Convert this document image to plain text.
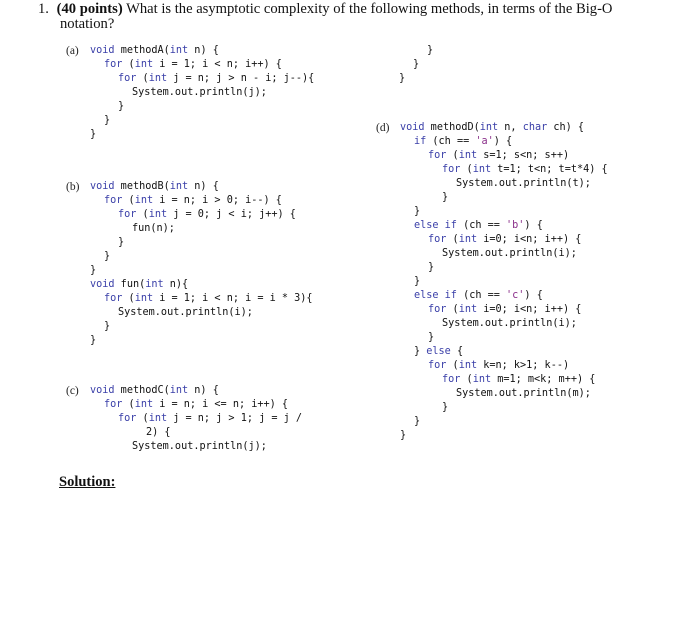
1. (40 points) What is the asymptotic complexity of the following methods, in terms of the Big-O
notation?
}
}
}
(a) void methodA(int n) {
for (int i = 1; i < n; i++) {
for (int j = n; j > n - i; j--){
System.out.println(j);
}
}
}
(b) void methodB(int n) {
for (int i = n; i > 0; i--) {
for (int j = 0; j < i; j++) {
fun(n);
}
}
}
void fun(int n){
for (int i = 1; i < n; i = i * 3){
System.out.println(i);
}
}
(c) void methodC(int n) {
for (int i = n; i <= n; i++) {
for (int j = n; j > 1; j = j /
2) {
System.out.println(j);
(d) void methodD(int n, char ch) {
if (ch == 'a') {
for (int s=1; s<n; s++)
for (int t=1; t<n; t=t*4) {
System.out.println(t);
}
}
else if (ch == 'b') {
for (int i=0; i<n; i++) {
System.out.println(i);
}
}
else if (ch == 'c') {
for (int i=0; i<n; i++) {
System.out.println(i);
}
} else {
for (int k=n; k>1; k--)
for (int m=1; m<k; m++) {
System.out.println(m);
}
}
}
Solution:
